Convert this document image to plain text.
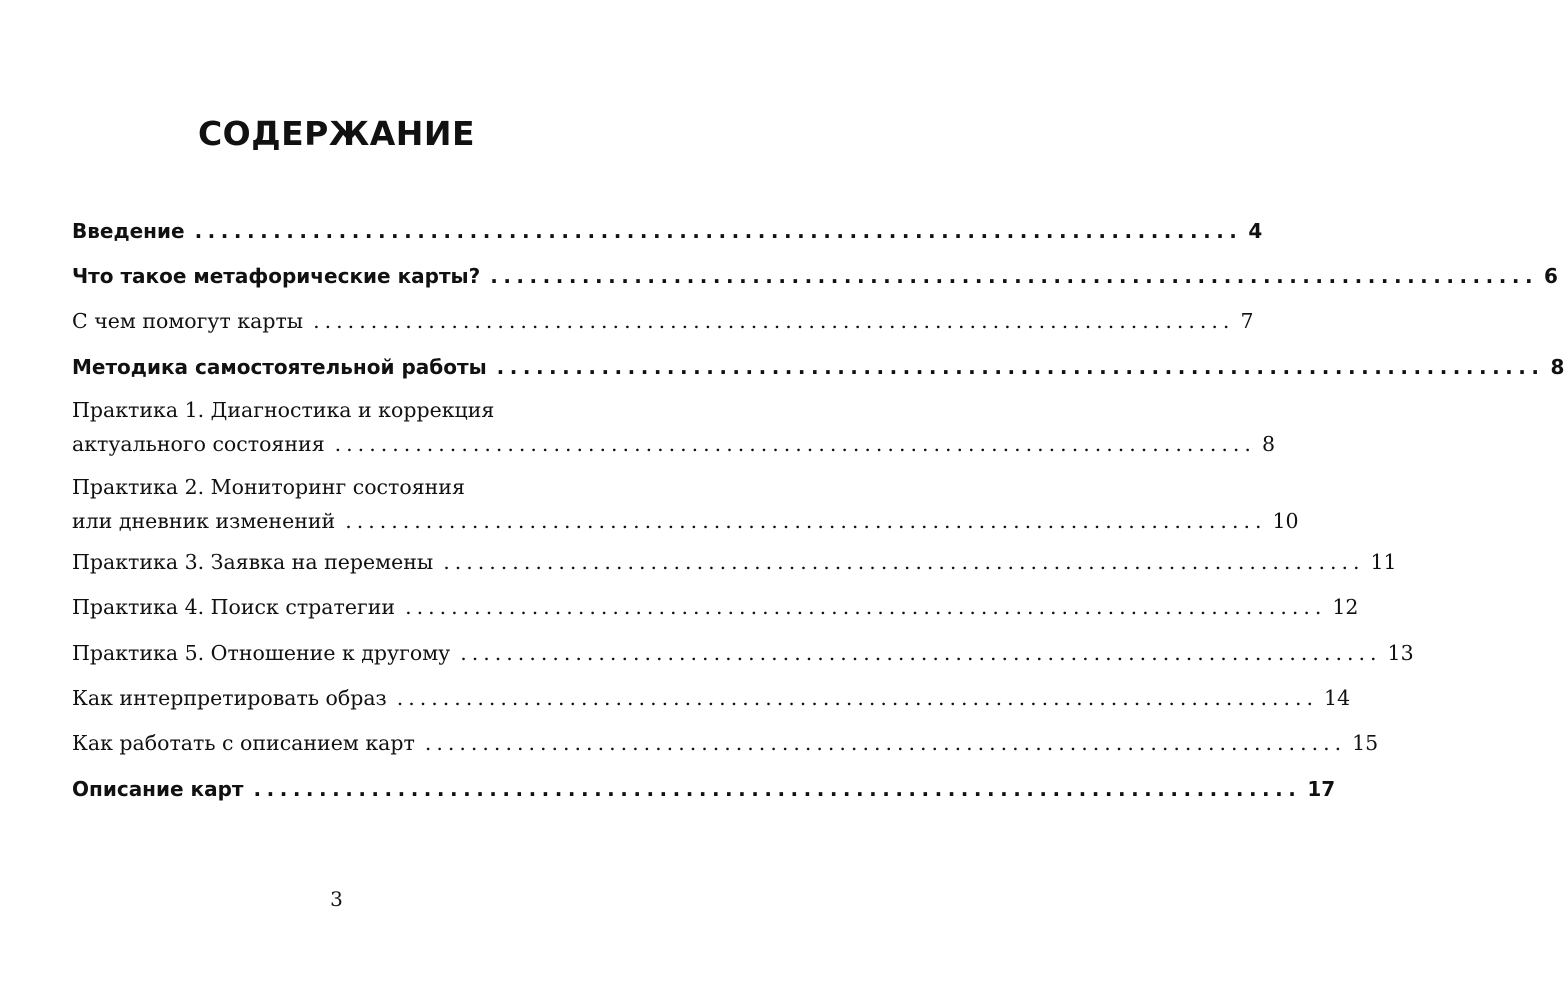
СОДЕРЖАНИЕ
Введение ................................................................................ 4
Что такое метафорические карты? ................................................................................ 6
С чем помогут карты ................................................................................ 7
Методика самостоятельной работы ................................................................................ 8
Практика 1. Диагностика и коррекция
актуального состояния ................................................................................ 8
Практика 2. Мониторинг состояния
или дневник изменений ................................................................................ 10
Практика 3. Заявка на перемены ................................................................................ 11
Практика 4. Поиск стратегии ................................................................................ 12
Практика 5. Отношение к другому ................................................................................ 13
Как интерпретировать образ ................................................................................ 14
Как работать с описанием карт ................................................................................ 15
Описание карт ................................................................................ 17
3
